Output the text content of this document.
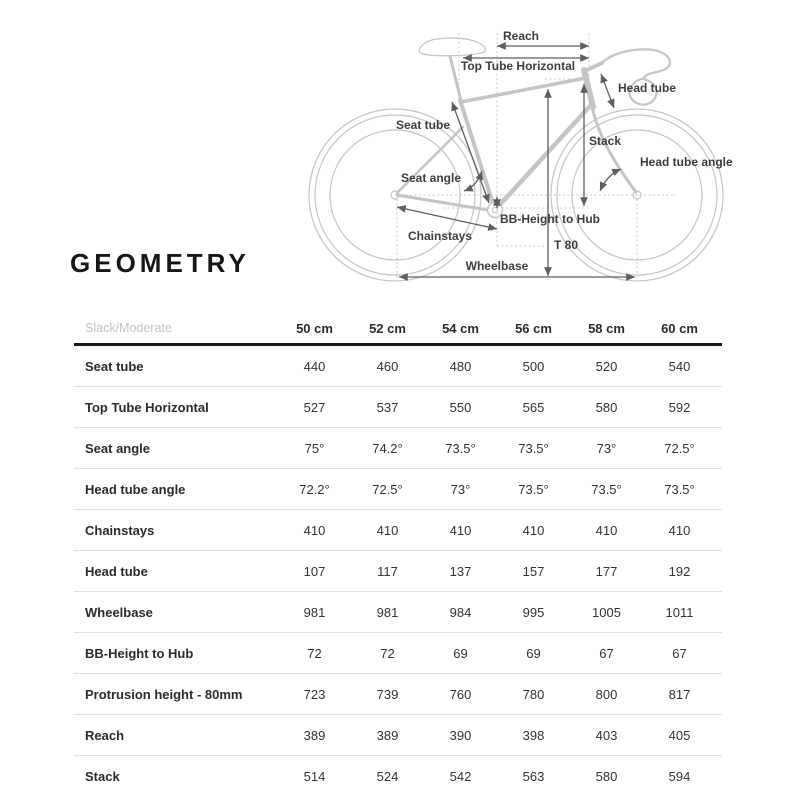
Reach
Top Tube Horizontal
Head tube
Seat tube
Stack
Head tube angle
Seat angle
BB-Height to Hub
Chainstays
T 80
Wheelbase
GEOMETRY
Slack/Moderate	50 cm	52 cm	54 cm	56 cm	58 cm	60 cm
Seat tube	440	460	480	500	520	540
Top Tube Horizontal	527	537	550	565	580	592
Seat angle	75°	74.2°	73.5°	73.5°	73°	72.5°
Head tube angle	72.2°	72.5°	73°	73.5°	73.5°	73.5°
Chainstays	410	410	410	410	410	410
Head tube	107	117	137	157	177	192
Wheelbase	981	981	984	995	1005	1011
BB-Height to Hub	72	72	69	69	67	67
Protrusion height - 80mm	723	739	760	780	800	817
Reach	389	389	390	398	403	405
Stack	514	524	542	563	580	594
